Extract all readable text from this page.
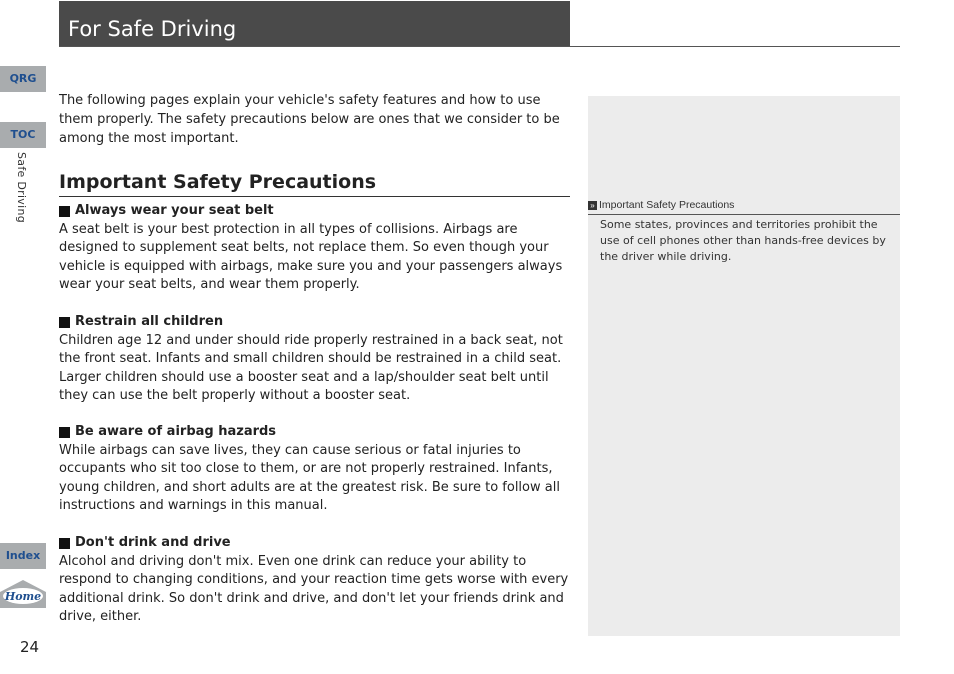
For Safe Driving
QRG
TOC
Safe Driving
Index
Home
24
The following pages explain your vehicle's safety features and how to use them properly. The safety precautions below are ones that we consider to be among the most important.
Important Safety Precautions
Always wear your seat belt
A seat belt is your best protection in all types of collisions. Airbags are designed to supplement seat belts, not replace them. So even though your vehicle is equipped with airbags, make sure you and your passengers always wear your seat belts, and wear them properly.
Restrain all children
Children age 12 and under should ride properly restrained in a back seat, not the front seat. Infants and small children should be restrained in a child seat. Larger children should use a booster seat and a lap/shoulder seat belt until they can use the belt properly without a booster seat.
Be aware of airbag hazards
While airbags can save lives, they can cause serious or fatal injuries to occupants who sit too close to them, or are not properly restrained. Infants, young children, and short adults are at the greatest risk. Be sure to follow all instructions and warnings in this manual.
Don't drink and drive
Alcohol and driving don't mix. Even one drink can reduce your ability to respond to changing conditions, and your reaction time gets worse with every additional drink. So don't drink and drive, and don't let your friends drink and drive, either.
» Important Safety Precautions
Some states, provinces and territories prohibit the use of cell phones other than hands-free devices by the driver while driving.
